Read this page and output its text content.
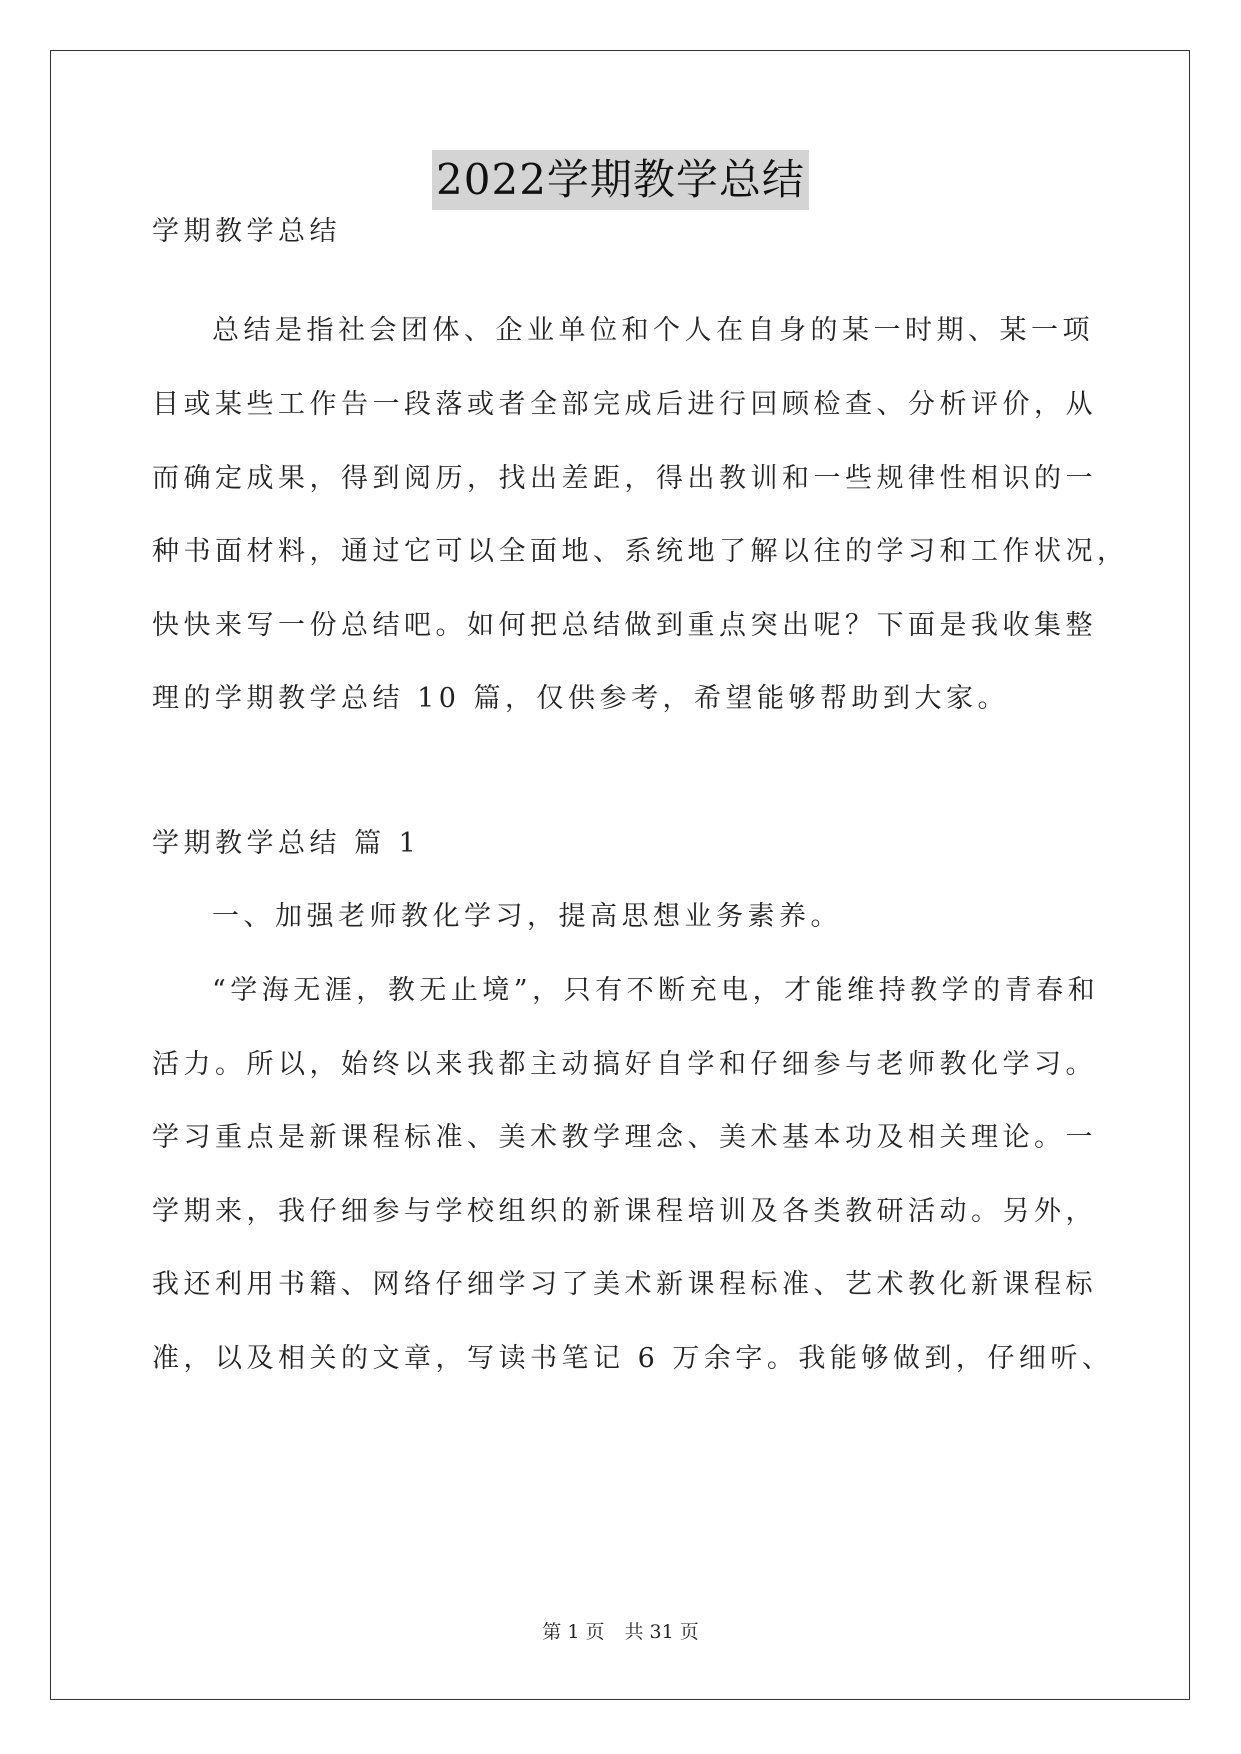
2022学期教学总结
学期教学总结
总结是指社会团体、企业单位和个人在自身的某一时期、某一项
目或某些工作告一段落或者全部完成后进行回顾检查、分析评价，从
而确定成果，得到阅历，找出差距，得出教训和一些规律性相识的一
种书面材料，通过它可以全面地、系统地了解以往的学习和工作状况，
快快来写一份总结吧。如何把总结做到重点突出呢？下面是我收集整
理的学期教学总结 10 篇，仅供参考，希望能够帮助到大家。
学期教学总结 篇 1
一、加强老师教化学习，提高思想业务素养。
“学海无涯，教无止境”，只有不断充电，才能维持教学的青春和
活力。所以，始终以来我都主动搞好自学和仔细参与老师教化学习。
学习重点是新课程标准、美术教学理念、美术基本功及相关理论。一
学期来，我仔细参与学校组织的新课程培训及各类教研活动。另外，
我还利用书籍、网络仔细学习了美术新课程标准、艺术教化新课程标
准，以及相关的文章，写读书笔记 6 万余字。我能够做到，仔细听、
第 1 页 共 31 页
